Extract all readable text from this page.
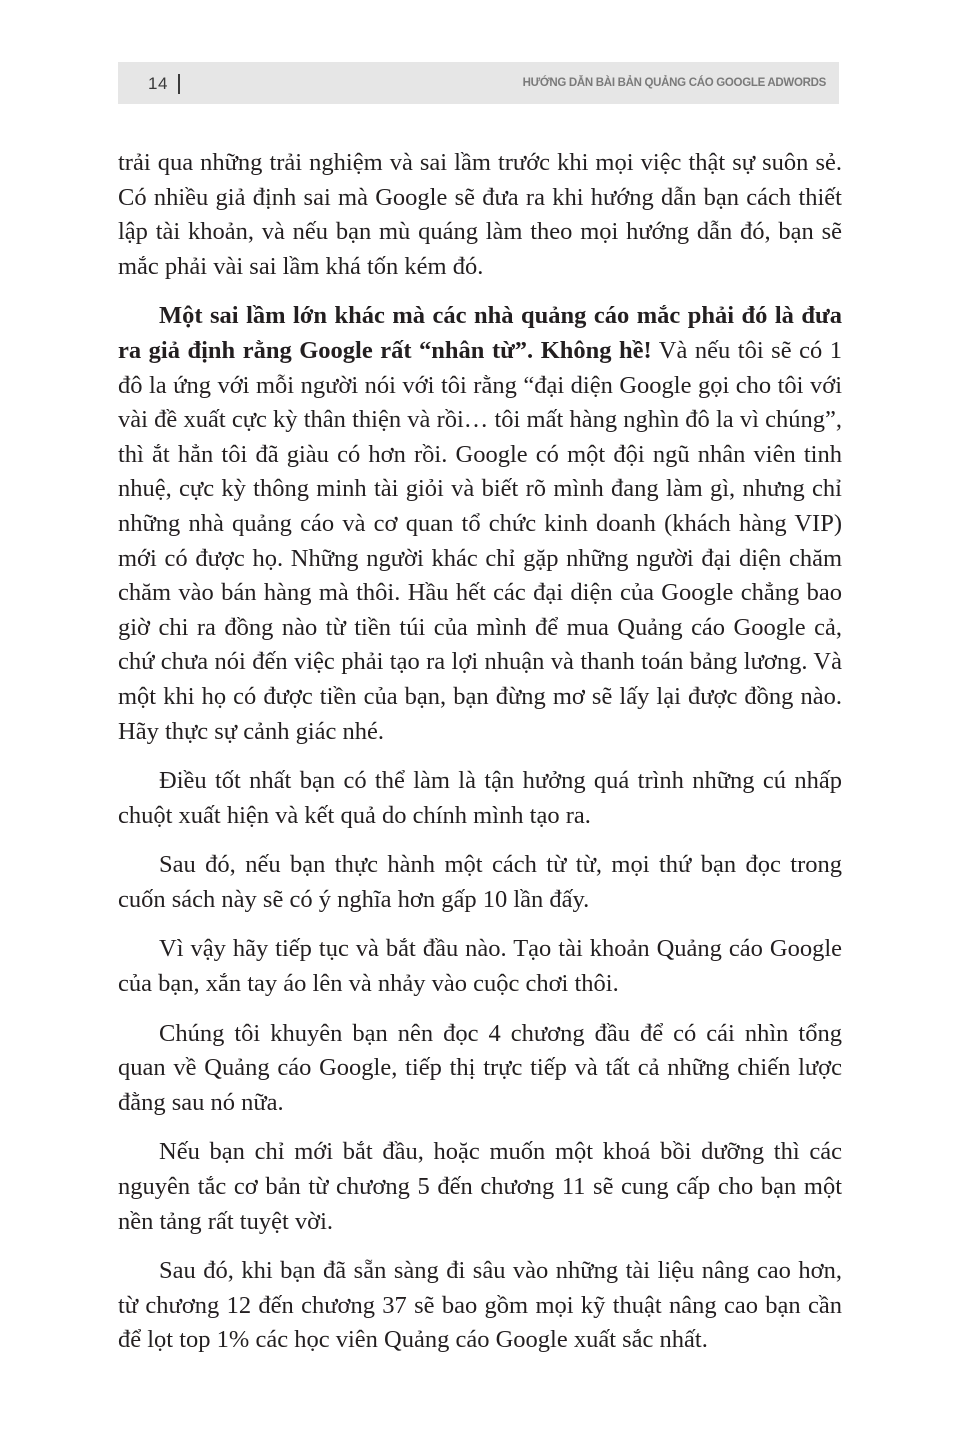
14	HƯỚNG DẪN BÀI BẢN QUẢNG CÁO GOOGLE ADWORDS

trải qua những trải nghiệm và sai lầm trước khi mọi việc thật sự suôn sẻ. Có nhiều giả định sai mà Google sẽ đưa ra khi hướng dẫn bạn cách thiết lập tài khoản, và nếu bạn mù quáng làm theo mọi hướng dẫn đó, bạn sẽ mắc phải vài sai lầm khá tốn kém đó.

Một sai lầm lớn khác mà các nhà quảng cáo mắc phải đó là đưa ra giả định rằng Google rất “nhân từ”. Không hề! Và nếu tôi sẽ có 1 đô la ứng với mỗi người nói với tôi rằng “đại diện Google gọi cho tôi với vài đề xuất cực kỳ thân thiện và rồi… tôi mất hàng nghìn đô la vì chúng”, thì ắt hẳn tôi đã giàu có hơn rồi. Google có một đội ngũ nhân viên tinh nhuệ, cực kỳ thông minh tài giỏi và biết rõ mình đang làm gì, nhưng chỉ những nhà quảng cáo và cơ quan tổ chức kinh doanh (khách hàng VIP) mới có được họ. Những người khác chỉ gặp những người đại diện chăm chăm vào bán hàng mà thôi. Hầu hết các đại diện của Google chẳng bao giờ chi ra đồng nào từ tiền túi của mình để mua Quảng cáo Google cả, chứ chưa nói đến việc phải tạo ra lợi nhuận và thanh toán bảng lương. Và một khi họ có được tiền của bạn, bạn đừng mơ sẽ lấy lại được đồng nào. Hãy thực sự cảnh giác nhé.

Điều tốt nhất bạn có thể làm là tận hưởng quá trình những cú nhấp chuột xuất hiện và kết quả do chính mình tạo ra.

Sau đó, nếu bạn thực hành một cách từ từ, mọi thứ bạn đọc trong cuốn sách này sẽ có ý nghĩa hơn gấp 10 lần đấy.

Vì vậy hãy tiếp tục và bắt đầu nào. Tạo tài khoản Quảng cáo Google của bạn, xắn tay áo lên và nhảy vào cuộc chơi thôi.

Chúng tôi khuyên bạn nên đọc 4 chương đầu để có cái nhìn tổng quan về Quảng cáo Google, tiếp thị trực tiếp và tất cả những chiến lược đằng sau nó nữa.

Nếu bạn chỉ mới bắt đầu, hoặc muốn một khoá bồi dưỡng thì các nguyên tắc cơ bản từ chương 5 đến chương 11 sẽ cung cấp cho bạn một nền tảng rất tuyệt vời.

Sau đó, khi bạn đã sẵn sàng đi sâu vào những tài liệu nâng cao hơn, từ chương 12 đến chương 37 sẽ bao gồm mọi kỹ thuật nâng cao bạn cần để lọt top 1% các học viên Quảng cáo Google xuất sắc nhất.
